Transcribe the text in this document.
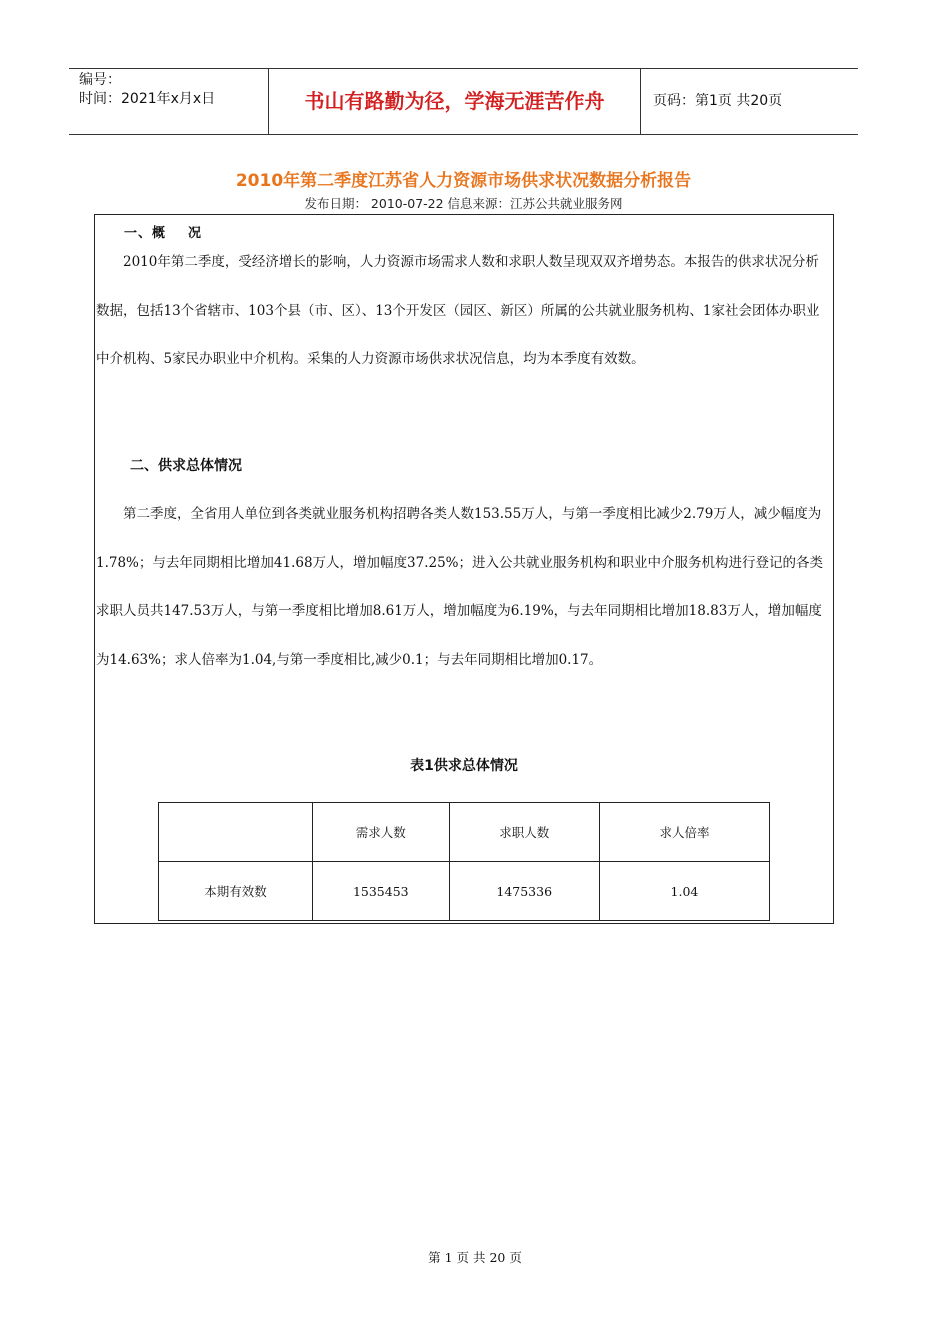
编号：
时间：2021年x月x日	书山有路勤为径，学海无涯苦作舟	页码：第1页 共20页
2010年第二季度江苏省人力资源市场供求状况数据分析报告
发布日期： 2010-07-22 信息来源：江苏公共就业服务网
一、概 况

2010年第二季度，受经济增长的影响，人力资源市场需求人数和求职人数呈现双双齐增势态。本报告的供求状况分析数据，包括13个省辖市、103个县（市、区）、13个开发区（园区、新区）所属的公共就业服务机构、1家社会团体办职业中介机构、5家民办职业中介机构。采集的人力资源市场供求状况信息，均为本季度有效数。

二、供求总体情况

第二季度，全省用人单位到各类就业服务机构招聘各类人数153.55万人，与第一季度相比减少2.79万人，减少幅度为1.78%；与去年同期相比增加41.68万人，增加幅度37.25%；进入公共就业服务机构和职业中介服务机构进行登记的各类求职人员共147.53万人，与第一季度相比增加8.61万人，增加幅度为6.19%，与去年同期相比增加18.83万人，增加幅度为14.63%；求人倍率为1.04,与第一季度相比,减少0.1；与去年同期相比增加0.17。

表1供求总体情况
	需求人数	求职人数	求人倍率
本期有效数	1535453	1475336	1.04
第 1 页 共 20 页
